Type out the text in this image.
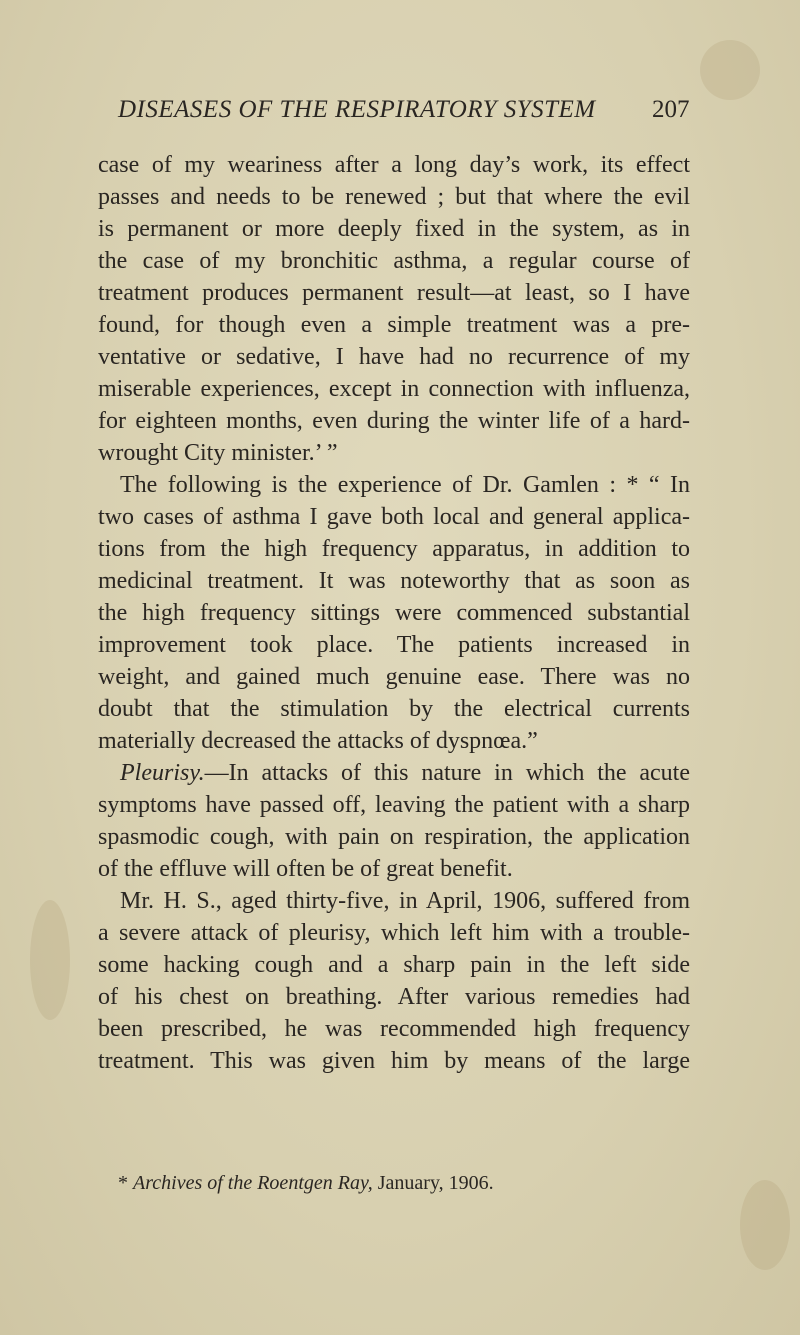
DISEASES OF THE RESPIRATORY SYSTEM 207
case of my weariness after a long day’s work, its effect
passes and needs to be renewed ; but that where the evil
is permanent or more deeply fixed in the system, as in
the case of my bronchitic asthma, a regular course of
treatment produces permanent result—at least, so I have
found, for though even a simple treatment was a pre-
ventative or sedative, I have had no recurrence of my
miserable experiences, except in connection with influenza,
for eighteen months, even during the winter life of a hard-
wrought City minister.’ ”
The following is the experience of Dr. Gamlen : * “ In
two cases of asthma I gave both local and general applica-
tions from the high frequency apparatus, in addition to
medicinal treatment. It was noteworthy that as soon as
the high frequency sittings were commenced substantial
improvement took place. The patients increased in
weight, and gained much genuine ease. There was no
doubt that the stimulation by the electrical currents
materially decreased the attacks of dyspnœa.”
Pleurisy.—In attacks of this nature in which the acute
symptoms have passed off, leaving the patient with a sharp
spasmodic cough, with pain on respiration, the application
of the effluve will often be of great benefit.
Mr. H. S., aged thirty-five, in April, 1906, suffered from
a severe attack of pleurisy, which left him with a trouble-
some hacking cough and a sharp pain in the left side
of his chest on breathing. After various remedies had
been prescribed, he was recommended high frequency
treatment. This was given him by means of the large
* Archives of the Roentgen Ray, January, 1906.
